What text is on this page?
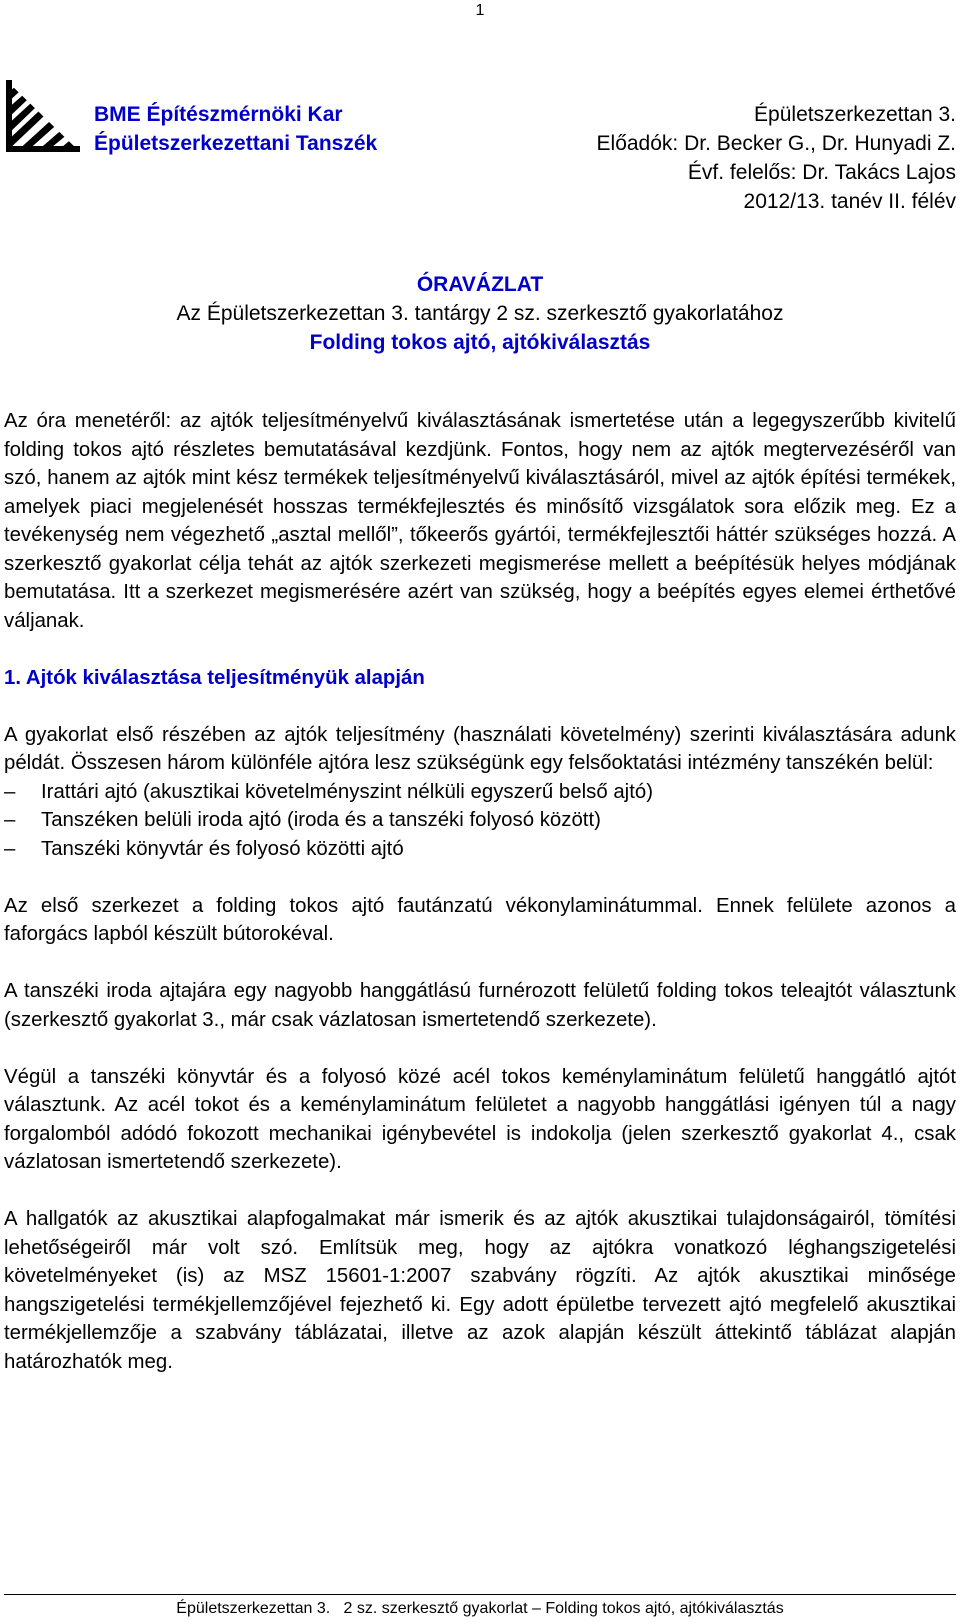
1
BME Építészmérnöki Kar
Épületszerkezettani Tanszék
Épületszerkezettan 3.
Előadók: Dr. Becker G., Dr. Hunyadi Z.
Évf. felelős: Dr. Takács Lajos
2012/13. tanév II. félév
ÓRAVÁZLAT
Az Épületszerkezettan 3. tantárgy 2 sz. szerkesztő gyakorlatához
Folding tokos ajtó, ajtókiválasztás

Az óra menetéről: az ajtók teljesítményelvű kiválasztásának ismertetése után a legegyszerűbb kivitelű folding tokos ajtó részletes bemutatásával kezdjünk. Fontos, hogy nem az ajtók megtervezéséről van szó, hanem az ajtók mint kész termékek teljesítményelvű kiválasztásáról, mivel az ajtók építési termékek, amelyek piaci megjelenését hosszas termékfejlesztés és minősítő vizsgálatok sora előzik meg. Ez a tevékenység nem végezhető „asztal mellől”, tőkeerős gyártói, termékfejlesztői háttér szükséges hozzá. A szerkesztő gyakorlat célja tehát az ajtók szerkezeti megismerése mellett a beépítésük helyes módjának bemutatása. Itt a szerkezet megismerésére azért van szükség, hogy a beépítés egyes elemei érthetővé váljanak.

1. Ajtók kiválasztása teljesítményük alapján

A gyakorlat első részében az ajtók teljesítmény (használati követelmény) szerinti kiválasztására adunk példát. Összesen három különféle ajtóra lesz szükségünk egy felsőoktatási intézmény tanszékén belül:

– Irattári ajtó (akusztikai követelményszint nélküli egyszerű belső ajtó)
– Tanszéken belüli iroda ajtó (iroda és a tanszéki folyosó között)
– Tanszéki könyvtár és folyosó közötti ajtó

Az első szerkezet a folding tokos ajtó fautánzatú vékonylaminátummal. Ennek felülete azonos a faforgács lapból készült bútorokéval.

A tanszéki iroda ajtajára egy nagyobb hanggátlású furnérozott felületű folding tokos teleajtót választunk (szerkesztő gyakorlat 3., már csak vázlatosan ismertetendő szerkezete).

Végül a tanszéki könyvtár és a folyosó közé acél tokos keménylaminátum felületű hanggátló ajtót választunk. Az acél tokot és a keménylaminátum felületet a nagyobb hanggátlási igényen túl a nagy forgalomból adódó fokozott mechanikai igénybevétel is indokolja (jelen szerkesztő gyakorlat 4., csak vázlatosan ismertetendő szerkezete).

A hallgatók az akusztikai alapfogalmakat már ismerik és az ajtók akusztikai tulajdonságairól, tömítési lehetőségeiről már volt szó. Említsük meg, hogy az ajtókra vonatkozó léghangszigetelési követelményeket (is) az MSZ 15601-1:2007 szabvány rögzíti. Az ajtók akusztikai minősége hangszigetelési termékjellemzőjével fejezhető ki. Egy adott épületbe tervezett ajtó megfelelő akusztikai termékjellemzője a szabvány táblázatai, illetve az azok alapján készült áttekintő táblázat alapján határozhatók meg.

Épületszerkezettan 3.   2 sz. szerkesztő gyakorlat – Folding tokos ajtó, ajtókiválasztás
